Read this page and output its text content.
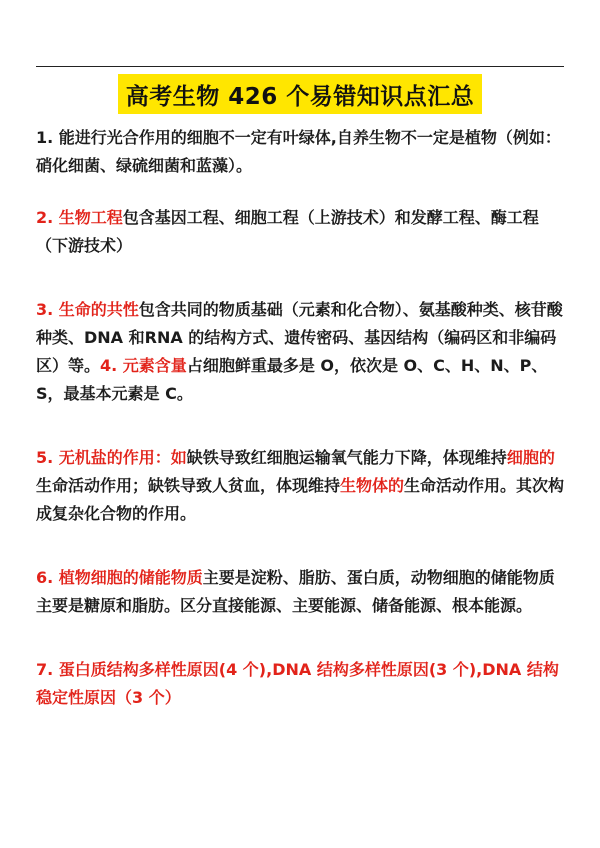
高考生物 426 个易错知识点汇总

1. 能进行光合作用的细胞不一定有叶绿体,自养生物不一定是植物（例如：硝化细菌、绿硫细菌和蓝藻）。

2. 生物工程包含基因工程、细胞工程（上游技术）和发酵工程、酶工程（下游技术）

3. 生命的共性包含共同的物质基础（元素和化合物）、氨基酸种类、核苷酸种类、DNA 和RNA 的结构方式、遗传密码、基因结构（编码区和非编码区）等。4. 元素含量占细胞鲜重最多是 O，依次是 O、C、H、N、P、S，最基本元素是 C。

5. 无机盐的作用：如缺铁导致红细胞运输氧气能力下降，体现维持细胞的生命活动作用；缺铁导致人贫血，体现维持生物体的生命活动作用。其次构成复杂化合物的作用。

6. 植物细胞的储能物质主要是淀粉、脂肪、蛋白质，动物细胞的储能物质主要是糖原和脂肪。区分直接能源、主要能源、储备能源、根本能源。

7. 蛋白质结构多样性原因(4 个),DNA 结构多样性原因(3 个),DNA 结构稳定性原因（3 个）
